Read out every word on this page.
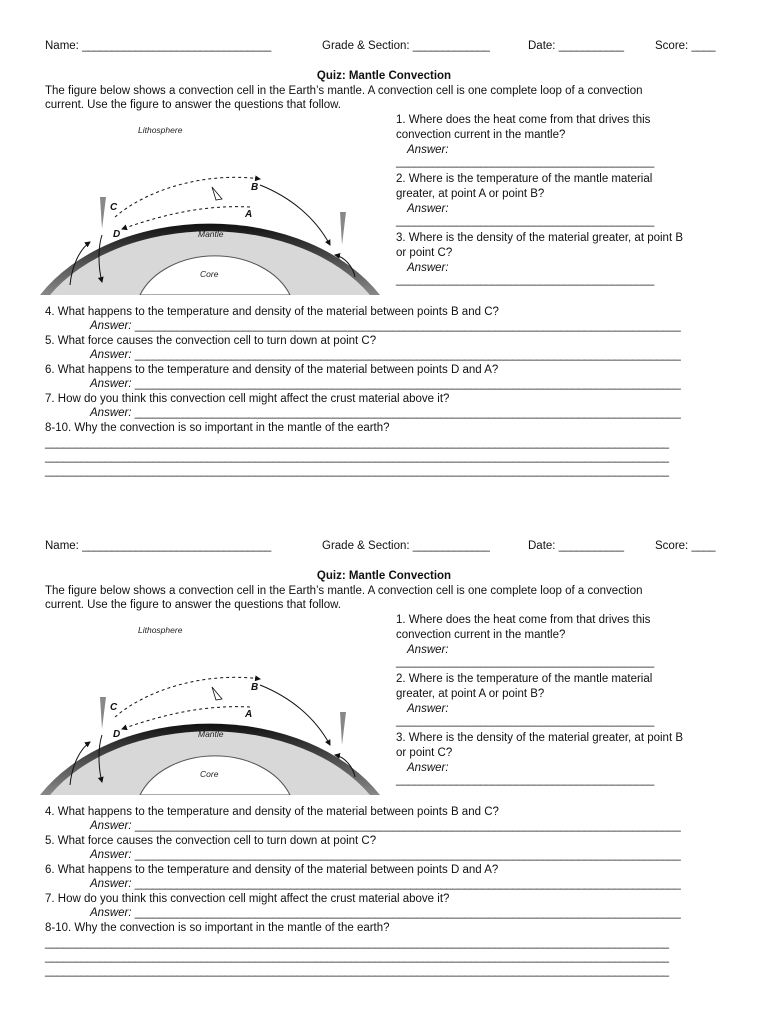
Name: ________________________________	Grade & Section: _____________	Date: ___________	Score: ____
Quiz: Mantle Convection
The figure below shows a convection cell in the Earth’s mantle. A convection cell is one complete loop of a convection
current. Use the figure to answer the questions that follow.
Lithosphere
Mantle
Core
A
B
C
D
1. Where does the heat come from that drives this
convection current in the mantle?
Answer:
___________________________________________
2. Where is the temperature of the mantle material
greater, at point A or point B?
Answer:
___________________________________________
3. Where is the density of the material greater, at point B
or point C?
Answer:
___________________________________________
4. What happens to the temperature and density of the material between points B and C?
Answer: ___________________________________________________________________________________________
5. What force causes the convection cell to turn down at point C?
Answer: ___________________________________________________________________________________________
6. What happens to the temperature and density of the material between points D and A?
Answer: ___________________________________________________________________________________________
7. How do you think this convection cell might affect the crust material above it?
Answer: ___________________________________________________________________________________________
8-10. Why the convection is so important in the mantle of the earth?
________________________________________________________________________________________________________
________________________________________________________________________________________________________
________________________________________________________________________________________________________
Name: ________________________________	Grade & Section: _____________	Date: ___________	Score: ____
Quiz: Mantle Convection
The figure below shows a convection cell in the Earth’s mantle. A convection cell is one complete loop of a convection
current. Use the figure to answer the questions that follow.
Lithosphere
Mantle
Core
A
B
C
D
1. Where does the heat come from that drives this
convection current in the mantle?
Answer:
___________________________________________
2. Where is the temperature of the mantle material
greater, at point A or point B?
Answer:
___________________________________________
3. Where is the density of the material greater, at point B
or point C?
Answer:
___________________________________________
4. What happens to the temperature and density of the material between points B and C?
Answer: ___________________________________________________________________________________________
5. What force causes the convection cell to turn down at point C?
Answer: ___________________________________________________________________________________________
6. What happens to the temperature and density of the material between points D and A?
Answer: ___________________________________________________________________________________________
7. How do you think this convection cell might affect the crust material above it?
Answer: ___________________________________________________________________________________________
8-10. Why the convection is so important in the mantle of the earth?
________________________________________________________________________________________________________
________________________________________________________________________________________________________
________________________________________________________________________________________________________
